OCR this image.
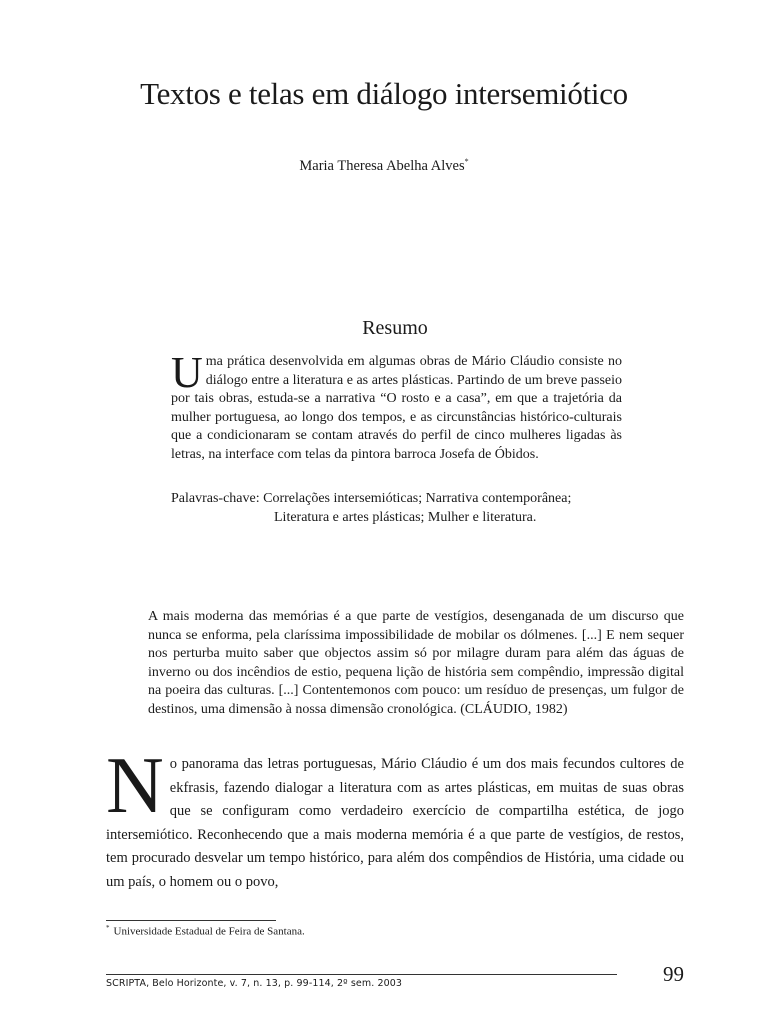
Textos e telas em diálogo intersemiótico
Maria Theresa Abelha Alves*
Resumo

Uma prática desenvolvida em algumas obras de Mário Cláudio consiste no diálogo entre a literatura e as artes plásticas. Partindo de um breve passeio por tais obras, estuda-se a narrativa “O rosto e a casa”, em que a trajetória da mulher portuguesa, ao longo dos tempos, e as circunstâncias histórico-culturais que a condicionaram se contam através do perfil de cinco mulheres ligadas às letras, na interface com telas da pintora barroca Josefa de Óbidos.

Palavras-chave: Correlações intersemióticas; Narrativa contemporânea;
Literatura e artes plásticas; Mulher e literatura.

A mais moderna das memórias é a que parte de vestígios, desenganada de um discurso que nunca se enforma, pela claríssima impossibilidade de mobilar os dólmenes. [...] E nem sequer nos perturba muito saber que objectos assim só por milagre duram para além das águas de inverno ou dos incêndios de estio, pequena lição de história sem compêndio, impressão digital na poeira das culturas. [...] Contentemonos com pouco: um resíduo de presenças, um fulgor de destinos, uma dimensão à nossa dimensão cronológica. (CLÁUDIO, 1982)

No panorama das letras portuguesas, Mário Cláudio é um dos mais fecundos cultores de ekfrasis, fazendo dialogar a literatura com as artes plásticas, em muitas de suas obras que se configuram como verdadeiro exercício de compartilha estética, de jogo intersemiótico. Reconhecendo que a mais moderna memória é a que parte de vestígios, de restos, tem procurado desvelar um tempo histórico, para além dos compêndios de História, uma cidade ou um país, o homem ou o povo,

* Universidade Estadual de Feira de Santana.
SCRIPTA, Belo Horizonte, v. 7, n. 13, p. 99-114, 2º sem. 2003	99
